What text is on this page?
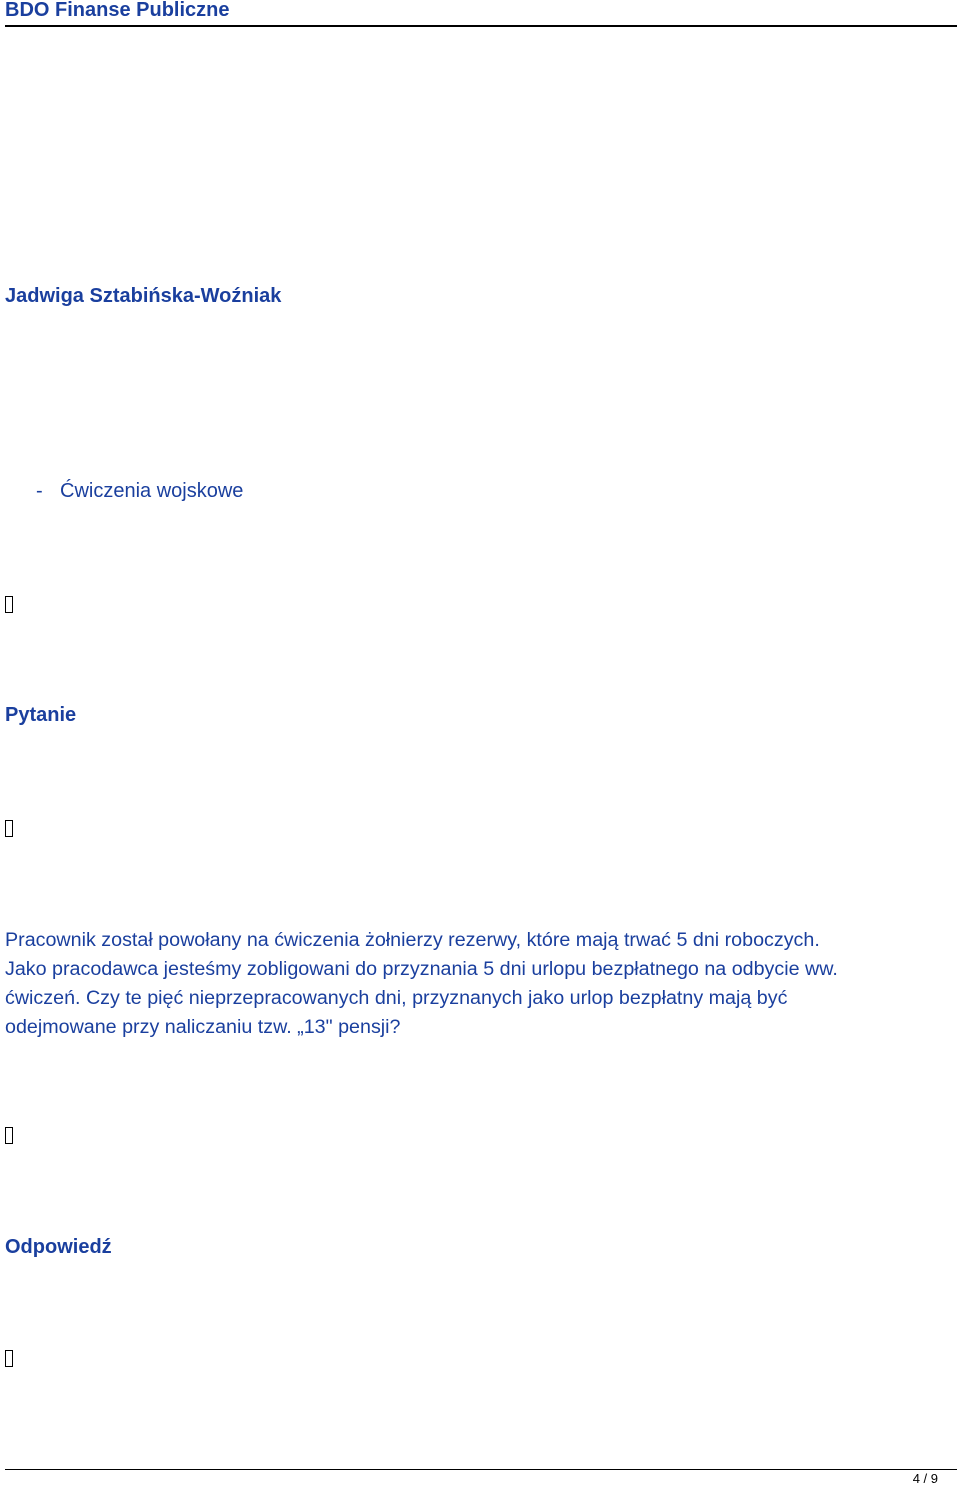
BDO Finanse Publiczne
Jadwiga Sztabińska-Woźniak
- Ćwiczenia wojskowe
Pytanie
Pracownik został powołany na ćwiczenia żołnierzy rezerwy, które mają trwać 5 dni roboczych.
Jako pracodawca jesteśmy zobligowani do przyznania 5 dni urlopu bezpłatnego na odbycie ww.
ćwiczeń. Czy te pięć nieprzepracowanych dni, przyznanych jako urlop bezpłatny mają być
odejmowane przy naliczaniu tzw. „13" pensji?
Odpowiedź
4 / 9
